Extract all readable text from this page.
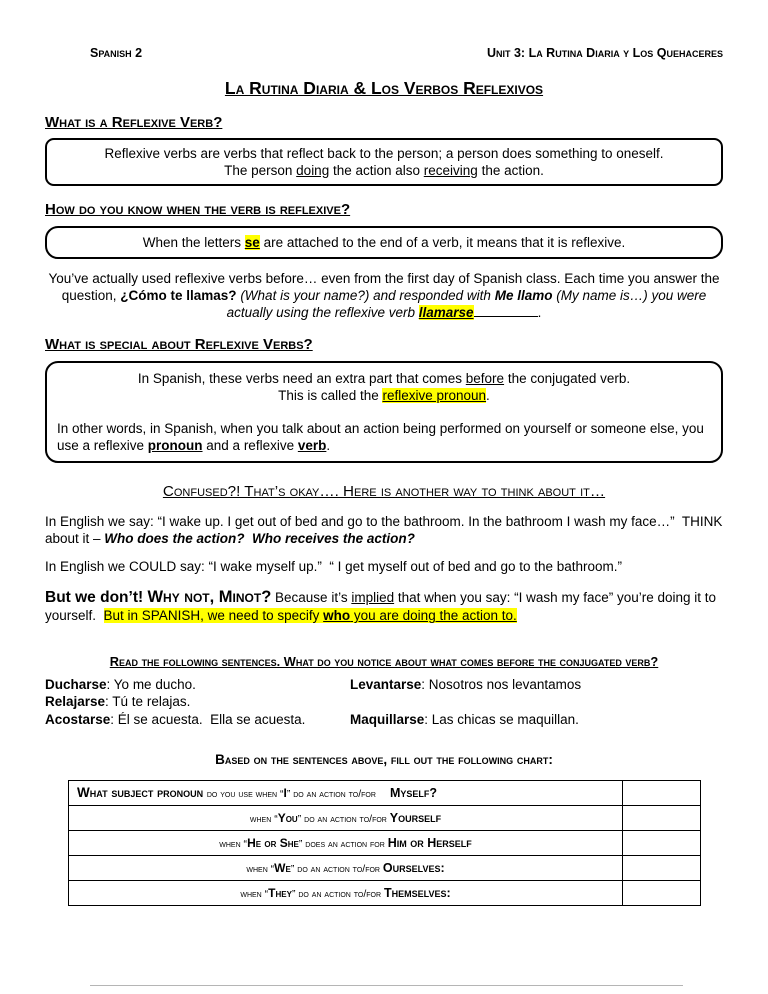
Spanish 2	Unit 3: La Rutina Diaria y Los Quehaceres
La Rutina Diaria & Los Verbos Reflexivos
What is a Reflexive Verb?
Reflexive verbs are verbs that reflect back to the person; a person does something to oneself.
The person doing the action also receiving the action.
How do you know when the verb is reflexive?
When the letters se are attached to the end of a verb, it means that it is reflexive.

You’ve actually used reflexive verbs before… even from the first day of Spanish class. Each time you answer the question, ¿Cómo te llamas? (What is your name?) and responded with Me llamo (My name is…) you were actually using the reflexive verb llamarse	.

What is special about Reflexive Verbs?
In Spanish, these verbs need an extra part that comes before the conjugated verb.
This is called the reflexive pronoun.
In other words, in Spanish, when you talk about an action being performed on yourself or someone else, you use a reflexive pronoun and a reflexive verb.
Confused?! That’s okay…. Here is another way to think about it…

In English we say: “I wake up. I get out of bed and go to the bathroom. In the bathroom I wash my face…”  THINK about it – Who does the action?  Who receives the action?

In English we COULD say: “I wake myself up.”  “ I get myself out of bed and go to the bathroom.”

But we don’t! Why not, Minot? Because it’s implied that when you say: “I wash my face” you’re doing it to yourself.  But in SPANISH, we need to specify who you are doing the action to.

Read the following sentences. What do you notice about what comes before the conjugated verb?
Ducharse: Yo me ducho.	Levantarse: Nosotros nos levantamos
Relajarse: Tú te relajas.
Acostarse: Él se acuesta.  Ella se acuesta.	Maquillarse: Las chicas se maquillan.
Based on the sentences above, fill out the following chart:
What subject pronoun do you use when “I” do an action to/for Myself?	
when “You” do an action to/for Yourself	
when “He or She” does an action for Him or Herself	
when “We” do an action to/for Ourselves:	
when “They” do an action to/for Themselves:	
